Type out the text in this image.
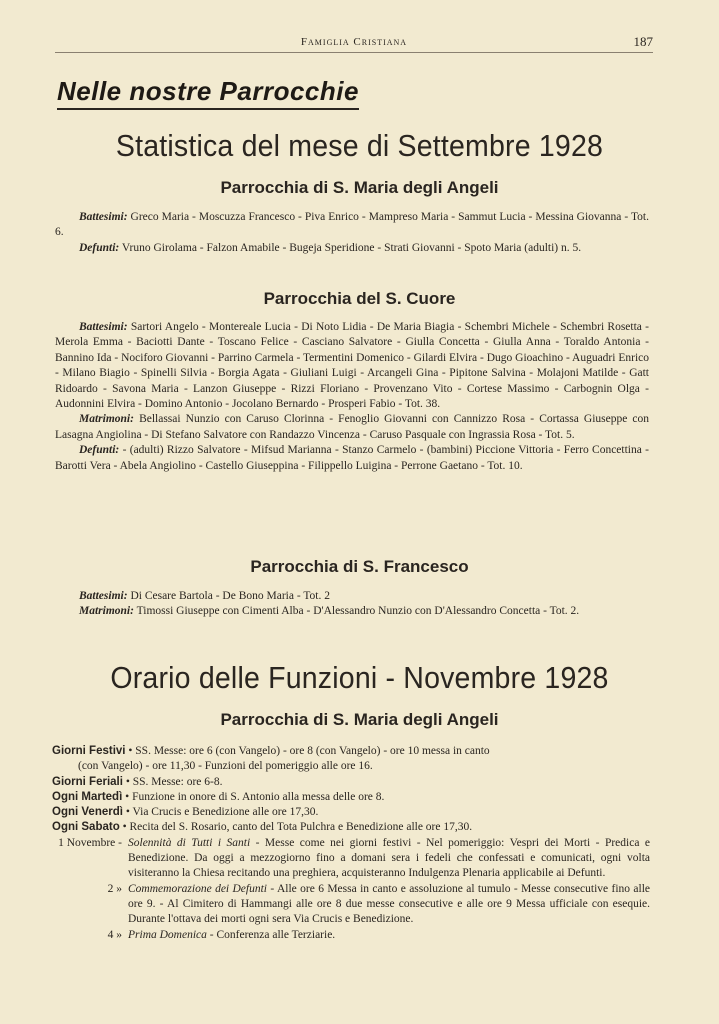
Famiglia Cristiana	187
Nelle nostre Parrocchie
Statistica del mese di Settembre 1928
Parrocchia di S. Maria degli Angeli

Battesimi: Greco Maria - Moscuzza Francesco - Piva Enrico - Mampreso Maria - Sammut Lucia - Messina Giovanna - Tot. 6.

Defunti: Vruno Girolama - Falzon Amabile - Bugeja Speridione - Strati Giovanni - Spoto Maria (adulti) n. 5.

Parrocchia del S. Cuore

Battesimi: Sartori Angelo - Montereale Lucia - Di Noto Lidia - De Maria Biagia - Schembri Michele - Schembri Rosetta - Merola Emma - Baciotti Dante - Toscano Felice - Casciano Salvatore - Giulla Concetta - Giulla Anna - Toraldo Antonia - Bannino Ida - Nociforo Giovanni - Parrino Carmela - Termentini Domenico - Gilardi Elvira - Dugo Gioachino - Auguadri Enrico - Milano Biagio - Spinelli Silvia - Borgia Agata - Giuliani Luigi - Arcangeli Gina - Pipitone Salvina - Molajoni Matilde - Gatt Ridoardo - Savona Maria - Lanzon Giuseppe - Rizzi Floriano - Provenzano Vito - Cortese Massimo - Carbognin Olga - Audonnini Elvira - Domino Antonio - Jocolano Bernardo - Prosperi Fabio - Tot. 38.

Matrimoni: Bellassai Nunzio con Caruso Clorinna - Fenoglio Giovanni con Cannizzo Rosa - Cortassa Giuseppe con Lasagna Angiolina - Di Stefano Salvatore con Randazzo Vincenza - Caruso Pasquale con Ingrassia Rosa - Tot. 5.

Defunti: - (adulti) Rizzo Salvatore - Mifsud Marianna - Stanzo Carmelo - (bambini) Piccione Vittoria - Ferro Concettina - Barotti Vera - Abela Angiolino - Castello Giuseppina - Filippello Luigina - Perrone Gaetano - Tot. 10.

Parrocchia di S. Francesco

Battesimi: Di Cesare Bartola - De Bono Maria - Tot. 2

Matrimoni: Timossi Giuseppe con Cimenti Alba - D'Alessandro Nunzio con D'Alessandro Concetta - Tot. 2.

Orario delle Funzioni - Novembre 1928
Parrocchia di S. Maria degli Angeli
Giorni Festivi • SS. Messe: ore 6 (con Vangelo) - ore 8 (con Vangelo) - ore 10 messa in canto
(con Vangelo) - ore 11,30 - Funzioni del pomeriggio alle ore 16.
Giorni Feriali • SS. Messe: ore 6-8.
Ogni Martedì • Funzione in onore di S. Antonio alla messa delle ore 8.
Ogni Venerdì • Via Crucis e Benedizione alle ore 17,30.
Ogni Sabato • Recita del S. Rosario, canto del Tota Pulchra e Benedizione alle ore 17,30.
1 Novembre - Solennità di Tutti i Santi - Messe come nei giorni festivi - Nel pomeriggio: Vespri dei Morti - Predica e Benedizione. Da oggi a mezzogiorno fino a domani sera i fedeli che confessati e comunicati, ogni volta visiteranno la Chiesa recitando una preghiera, acquisteranno Indulgenza Plenaria applicabile ai Defunti.
2 » Commemorazione dei Defunti - Alle ore 6 Messa in canto e assoluzione al tumulo - Messe consecutive fino alle ore 9. - Al Cimitero di Hammangi alle ore 8 due messe consecutive e alle ore 9 Messa ufficiale con esequie. Durante l'ottava dei morti ogni sera Via Crucis e Benedizione.
4 » Prima Domenica - Conferenza alle Terziarie.
